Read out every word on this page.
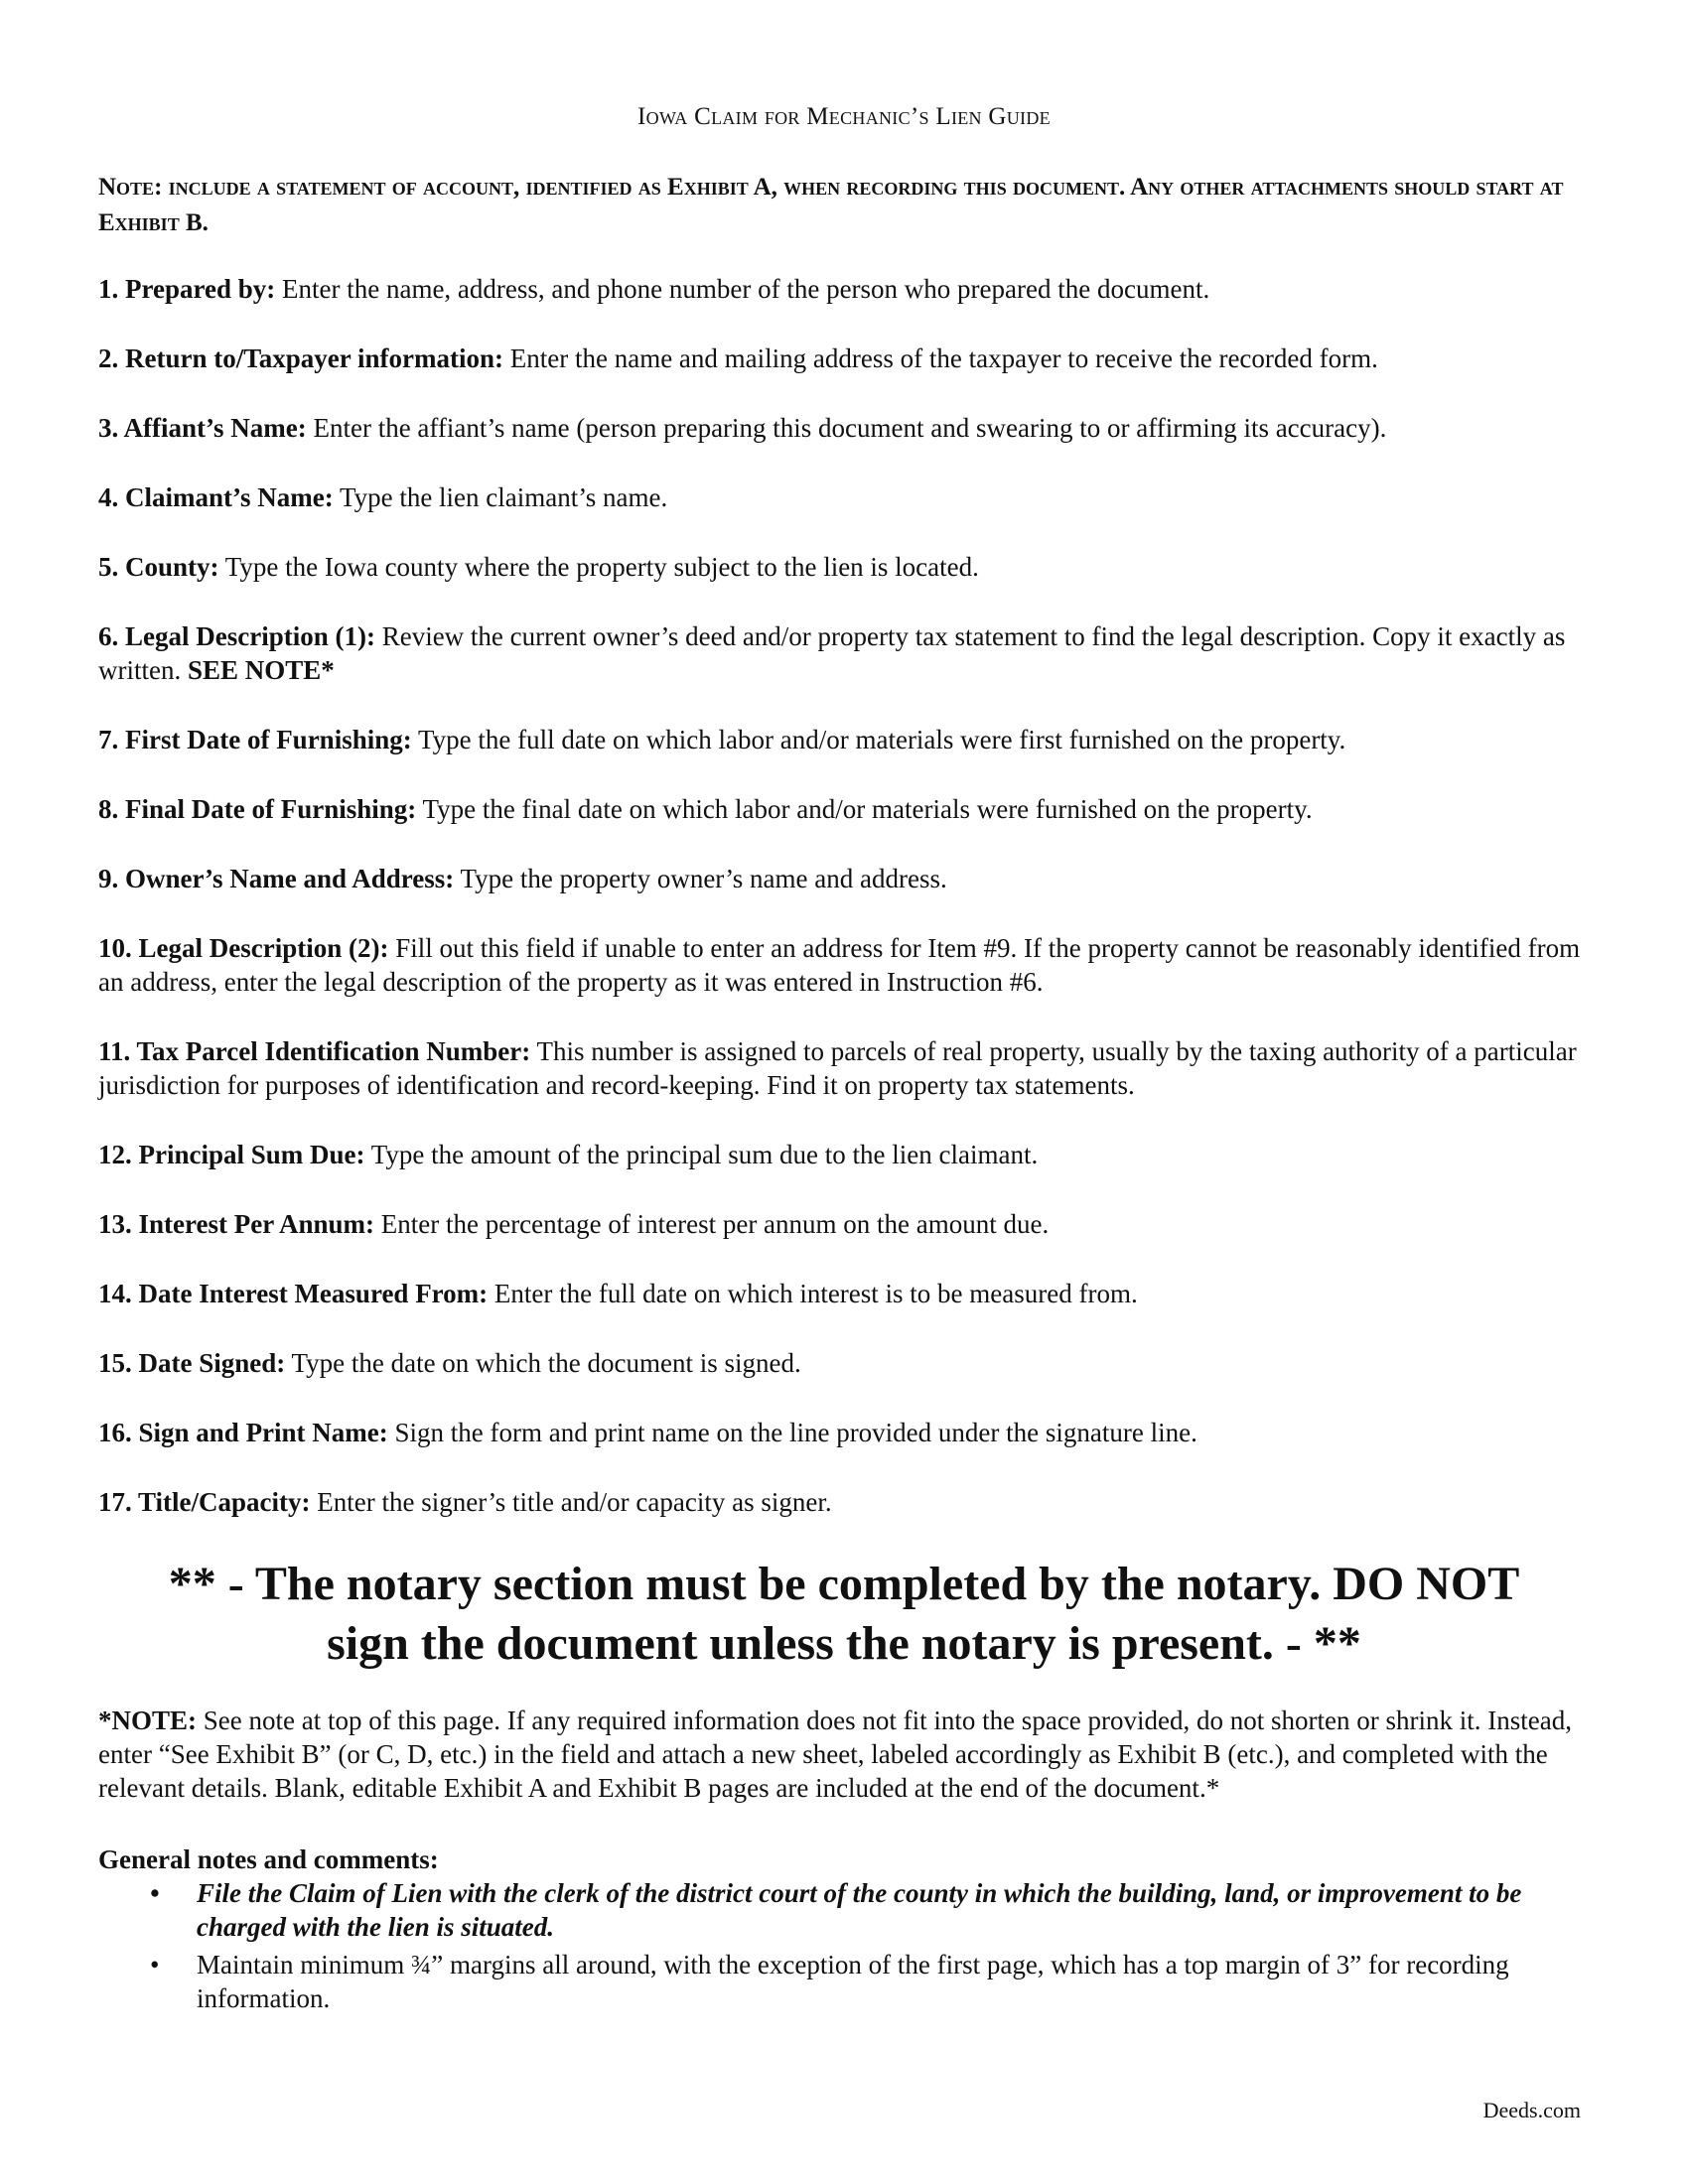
Iowa Claim for Mechanic’s Lien Guide
Note: include a statement of account, identified as Exhibit A, when recording this document. Any other attachments should start at Exhibit B.
1. Prepared by: Enter the name, address, and phone number of the person who prepared the document.
2. Return to/Taxpayer information: Enter the name and mailing address of the taxpayer to receive the recorded form.
3. Affiant’s Name: Enter the affiant’s name (person preparing this document and swearing to or affirming its accuracy).
4. Claimant’s Name: Type the lien claimant’s name.
5. County: Type the Iowa county where the property subject to the lien is located.
6. Legal Description (1): Review the current owner’s deed and/or property tax statement to find the legal description. Copy it exactly as written. SEE NOTE*
7. First Date of Furnishing: Type the full date on which labor and/or materials were first furnished on the property.
8. Final Date of Furnishing: Type the final date on which labor and/or materials were furnished on the property.
9. Owner’s Name and Address: Type the property owner’s name and address.
10. Legal Description (2): Fill out this field if unable to enter an address for Item #9. If the property cannot be reasonably identified from an address, enter the legal description of the property as it was entered in Instruction #6.
11. Tax Parcel Identification Number: This number is assigned to parcels of real property, usually by the taxing authority of a particular jurisdiction for purposes of identification and record-keeping. Find it on property tax statements.
12. Principal Sum Due: Type the amount of the principal sum due to the lien claimant.
13. Interest Per Annum: Enter the percentage of interest per annum on the amount due.
14. Date Interest Measured From: Enter the full date on which interest is to be measured from.
15. Date Signed: Type the date on which the document is signed.
16. Sign and Print Name: Sign the form and print name on the line provided under the signature line.
17. Title/Capacity: Enter the signer’s title and/or capacity as signer.
** - The notary section must be completed by the notary. DO NOT sign the document unless the notary is present. - **
*NOTE: See note at top of this page. If any required information does not fit into the space provided, do not shorten or shrink it. Instead, enter “See Exhibit B” (or C, D, etc.) in the field and attach a new sheet, labeled accordingly as Exhibit B (etc.), and completed with the relevant details. Blank, editable Exhibit A and Exhibit B pages are included at the end of the document.*
General notes and comments:
• File the Claim of Lien with the clerk of the district court of the county in which the building, land, or improvement to be charged with the lien is situated.
• Maintain minimum ¾” margins all around, with the exception of the first page, which has a top margin of 3” for recording information.
Deeds.com
